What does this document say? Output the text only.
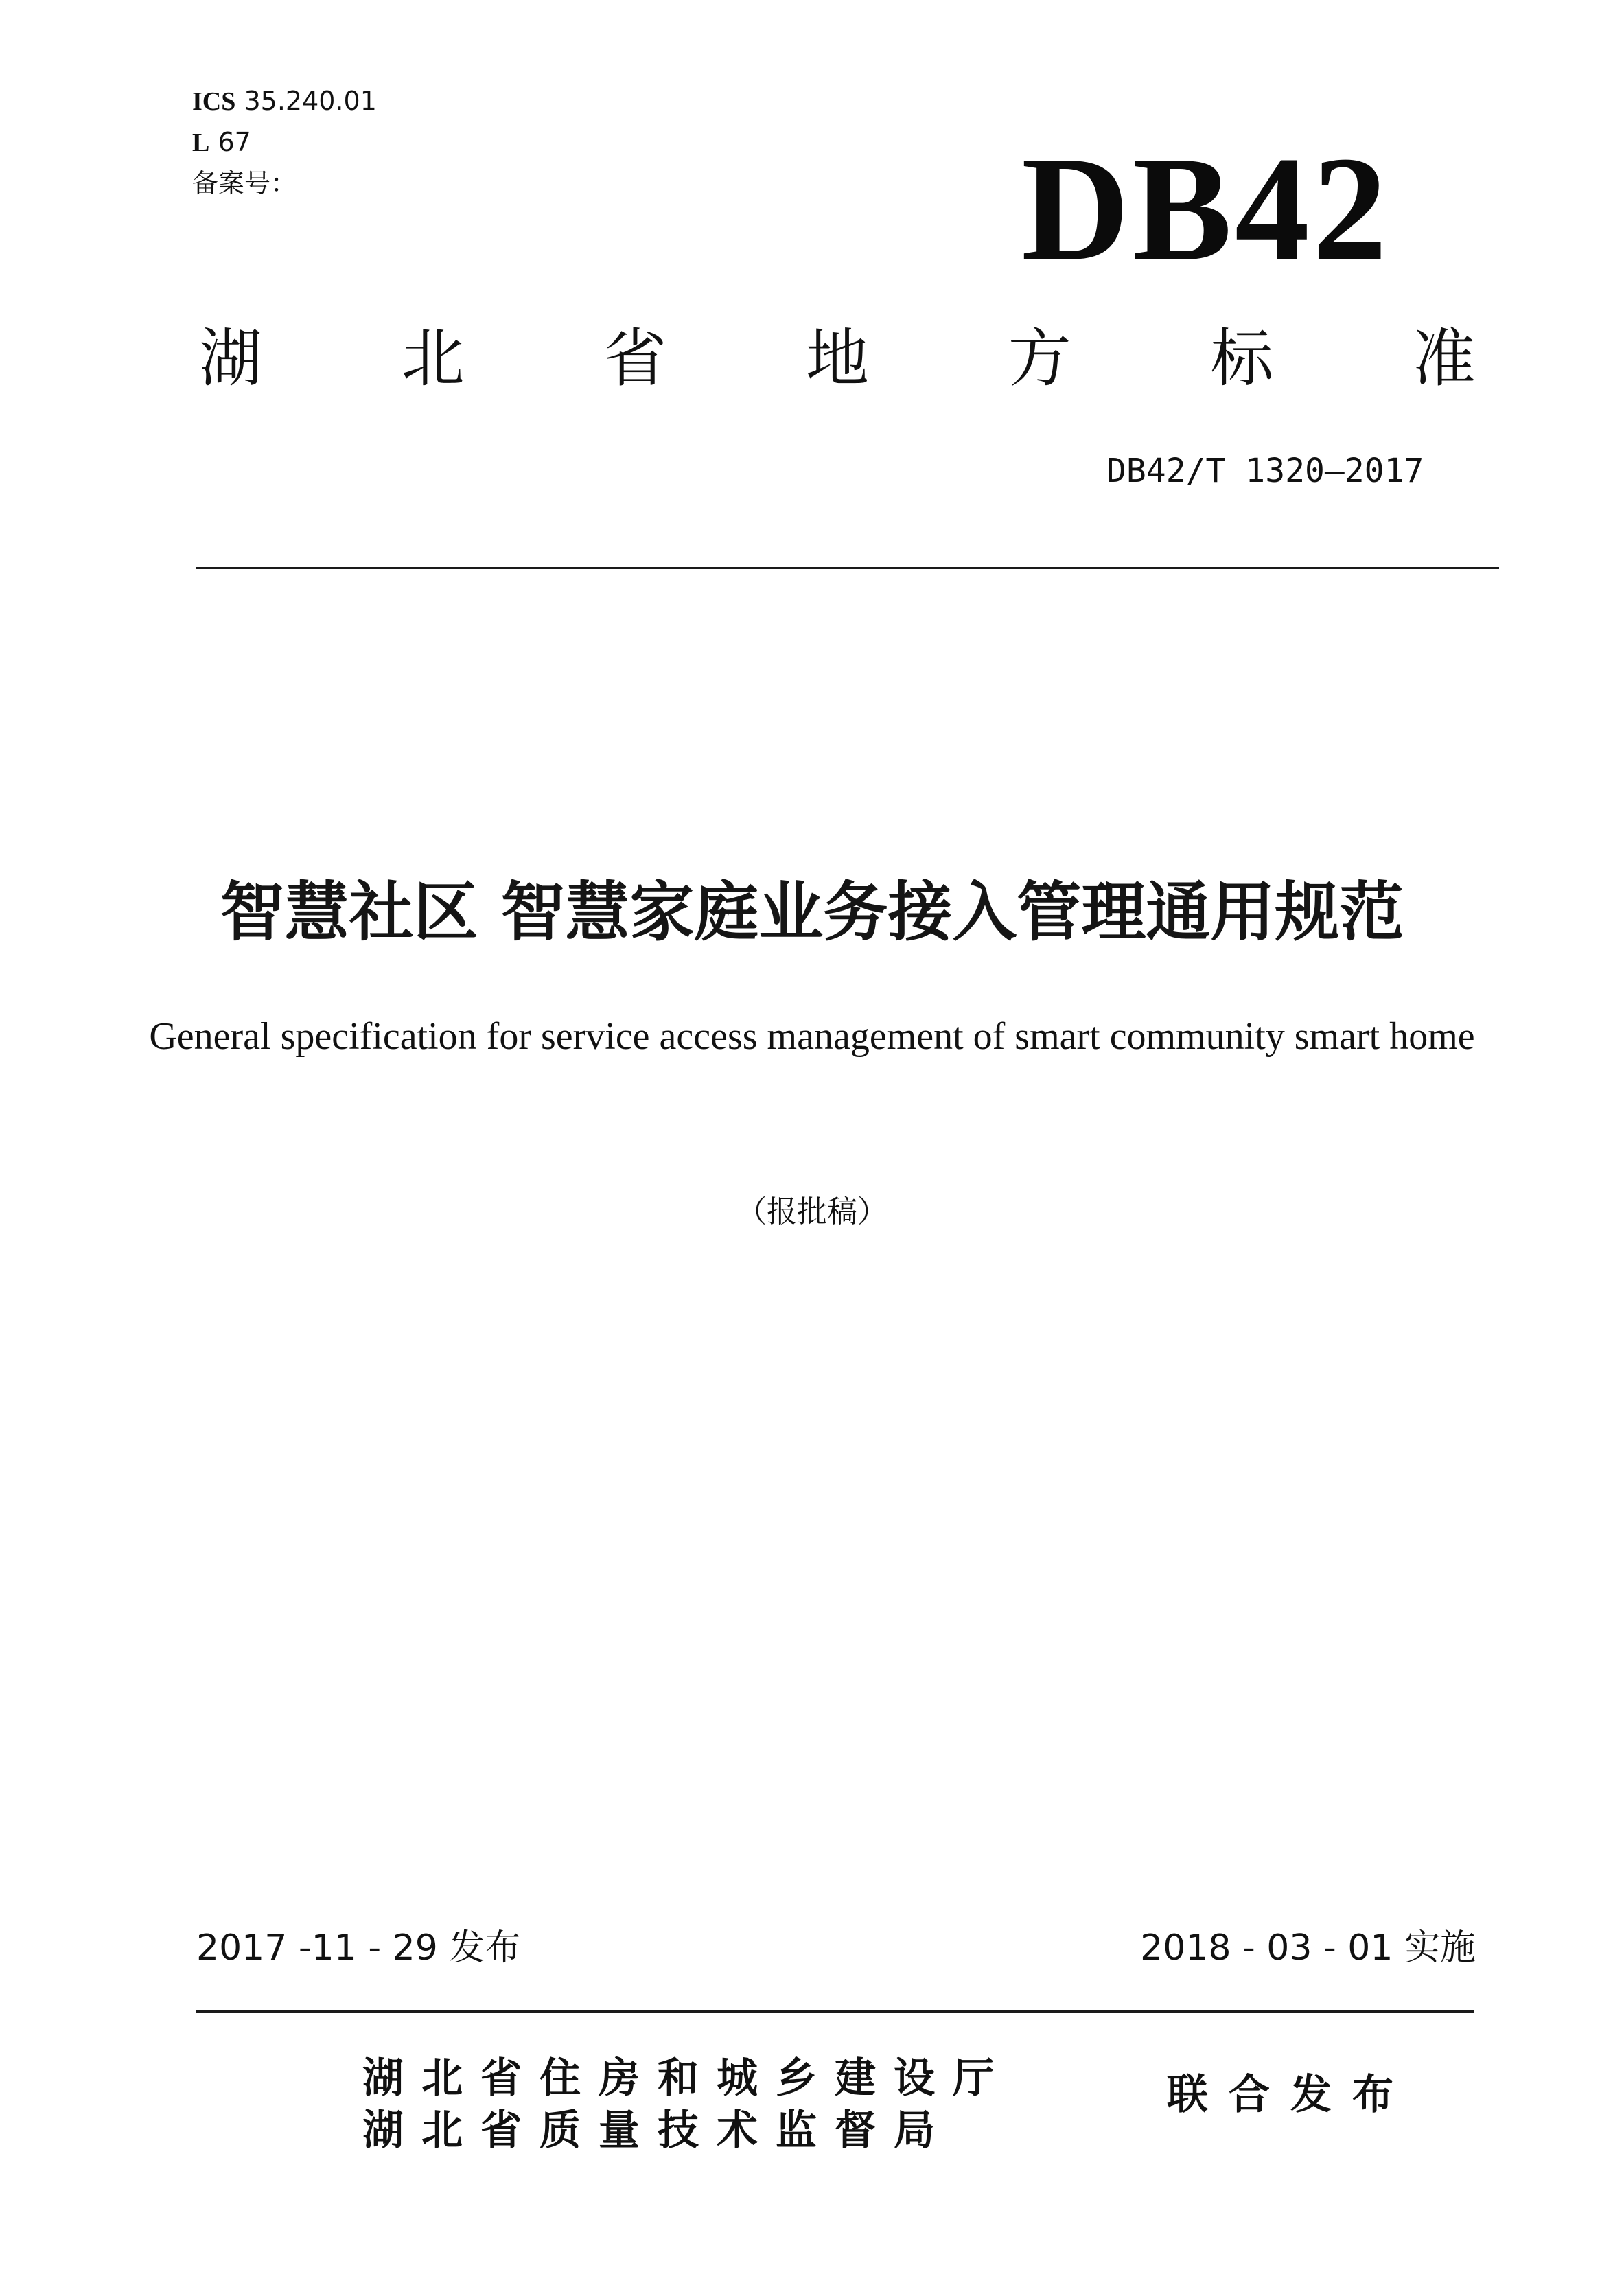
ICS 35.240.01
L 67
备案号：	DB42
湖 北 省 地 方 标 准
DB42/T 1320—2017
智慧社区 智慧家庭业务接入管理通用规范
General specification for service access management of smart community smart home
（报批稿）
2017 -11 - 29 发布	2018 - 03 - 01 实施
湖北省住房和城乡建设厅
湖北省质量技术监督局
联合发布
